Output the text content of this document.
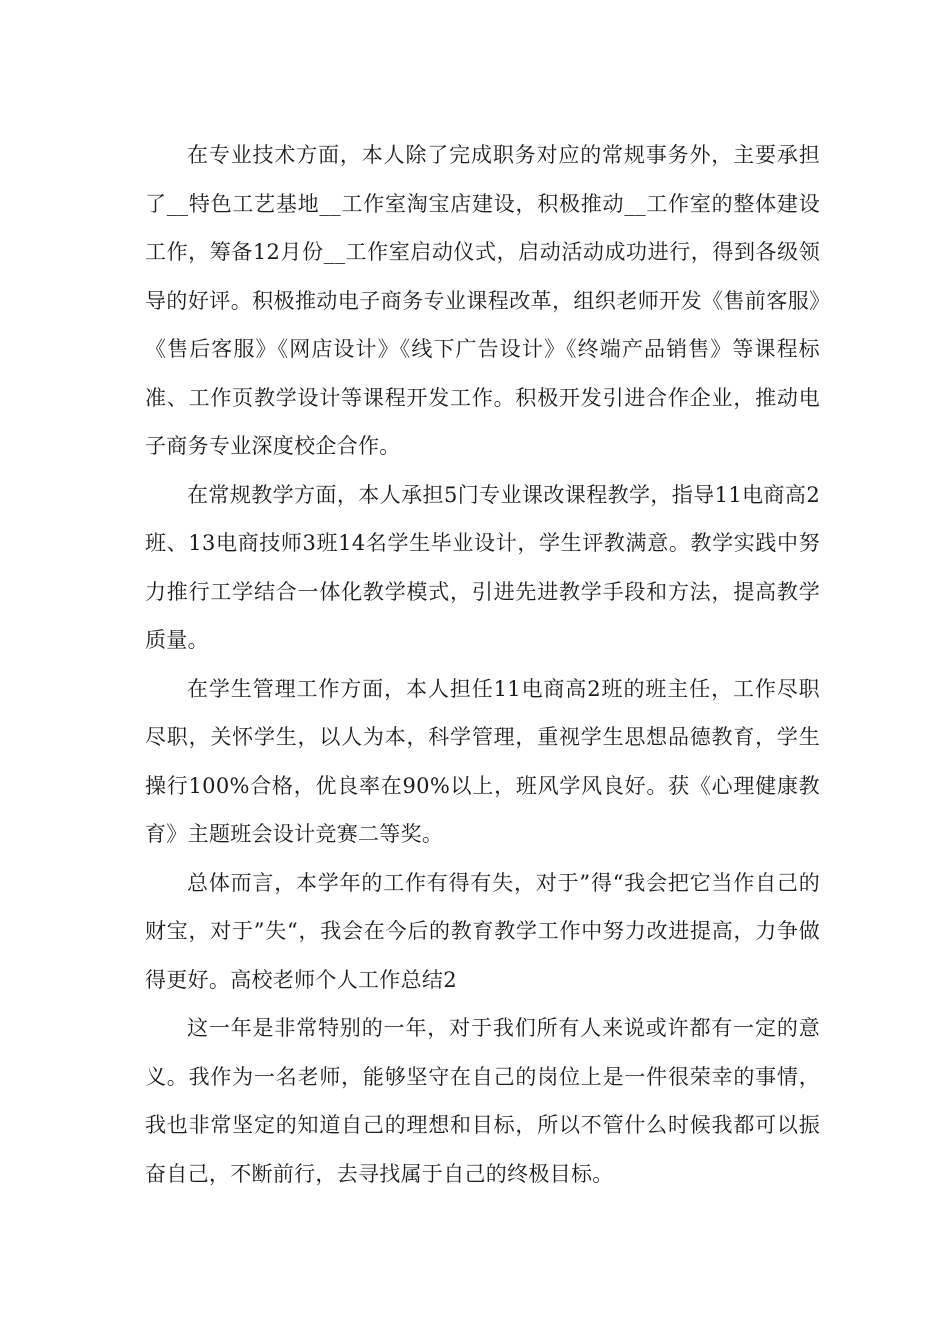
在专业技术方面，本人除了完成职务对应的常规事务外，主要承担了__特色工艺基地__工作室淘宝店建设，积极推动__工作室的整体建设工作，筹备12月份__工作室启动仪式，启动活动成功进行，得到各级领导的好评。积极推动电子商务专业课程改革，组织老师开发《售前客服》《售后客服》《网店设计》《线下广告设计》《终端产品销售》等课程标准、工作页教学设计等课程开发工作。积极开发引进合作企业，推动电子商务专业深度校企合作。

在常规教学方面，本人承担5门专业课改课程教学，指导11电商高2班、13电商技师3班14名学生毕业设计，学生评教满意。教学实践中努力推行工学结合一体化教学模式，引进先进教学手段和方法，提高教学质量。

在学生管理工作方面，本人担任11电商高2班的班主任，工作尽职尽职，关怀学生，以人为本，科学管理，重视学生思想品德教育，学生操行100%合格，优良率在90%以上，班风学风良好。获《心理健康教育》主题班会设计竞赛二等奖。

总体而言，本学年的工作有得有失，对于”得“我会把它当作自己的财宝，对于”失“，我会在今后的教育教学工作中努力改进提高，力争做得更好。高校老师个人工作总结2

这一年是非常特别的一年，对于我们所有人来说或许都有一定的意义。我作为一名老师，能够坚守在自己的岗位上是一件很荣幸的事情，我也非常坚定的知道自己的理想和目标，所以不管什么时候我都可以振奋自己，不断前行，去寻找属于自己的终极目标。
